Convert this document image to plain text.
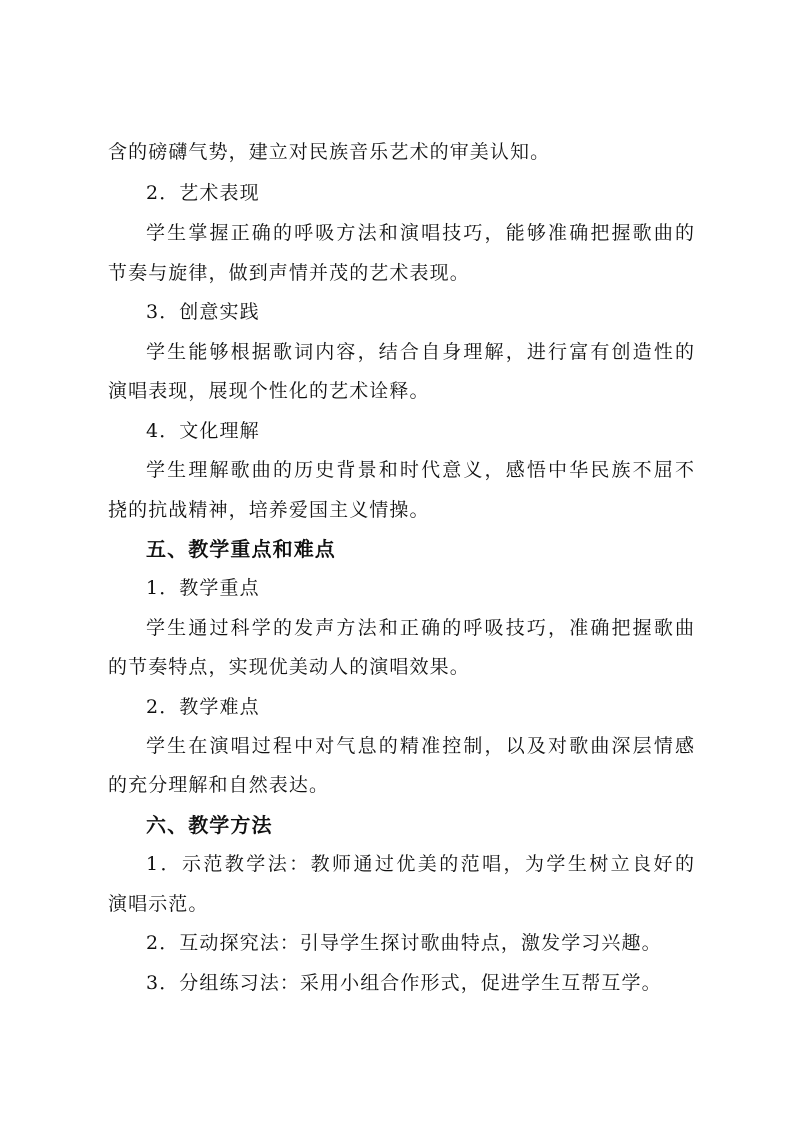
含的磅礴气势，建立对民族音乐艺术的审美认知。
2．艺术表现
学生掌握正确的呼吸方法和演唱技巧，能够准确把握歌曲的
节奏与旋律，做到声情并茂的艺术表现。
3．创意实践
学生能够根据歌词内容，结合自身理解，进行富有创造性的
演唱表现，展现个性化的艺术诠释。
4．文化理解
学生理解歌曲的历史背景和时代意义，感悟中华民族不屈不
挠的抗战精神，培养爱国主义情操。
五、教学重点和难点
1．教学重点
学生通过科学的发声方法和正确的呼吸技巧，准确把握歌曲
的节奏特点，实现优美动人的演唱效果。
2．教学难点
学生在演唱过程中对气息的精准控制，以及对歌曲深层情感
的充分理解和自然表达。
六、教学方法
1．示范教学法：教师通过优美的范唱，为学生树立良好的
演唱示范。
2．互动探究法：引导学生探讨歌曲特点，激发学习兴趣。
3．分组练习法：采用小组合作形式，促进学生互帮互学。
